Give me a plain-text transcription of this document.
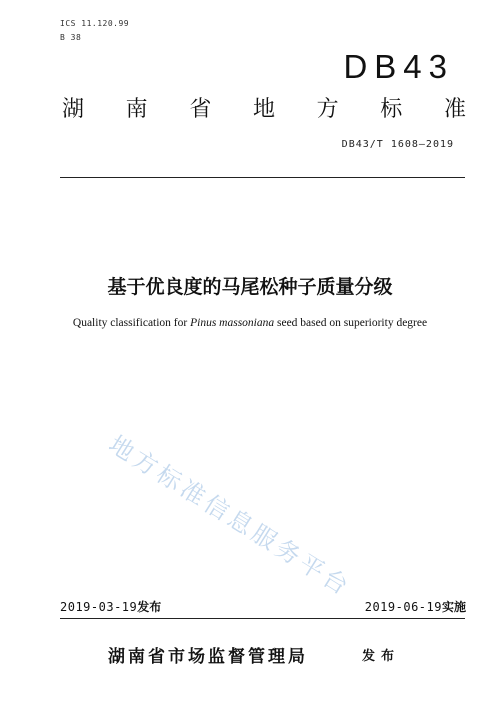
ICS 11.120.99
B 38
DB43
湖 南 省 地 方 标 准
DB43/T 1608—2019
基于优良度的马尾松种子质量分级
Quality classification for Pinus massoniana seed based on superiority degree
地方标准信息服务平台
2019-03-19发布	2019-06-19实施
湖南省市场监督管理局	发布
